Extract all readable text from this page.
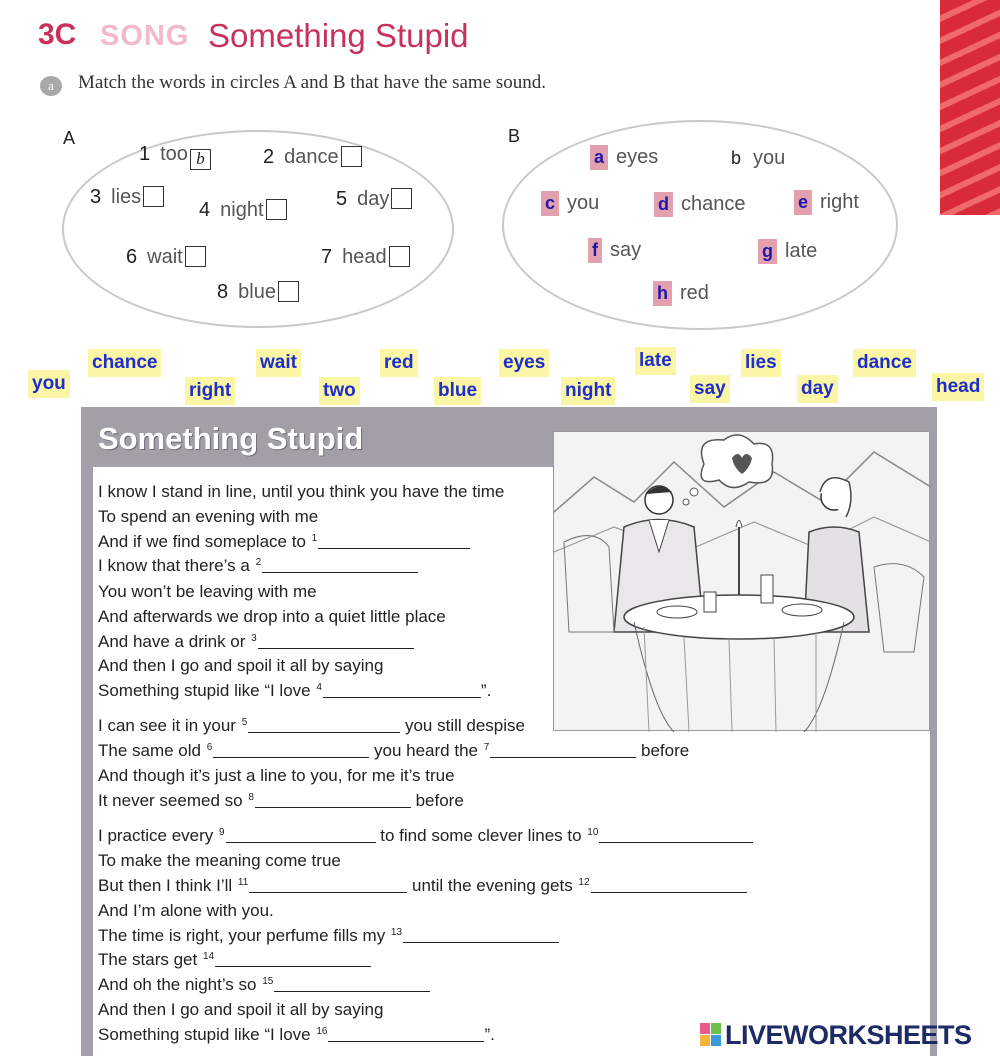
3C SONG Something Stupid
a	Match the words in circles A and B that have the same sound.
A
1 too b	2 dance
3 lies
4 night	5 day
6 wait	7 head
8 blue
B
a eyes	b you
c you	d chance	e right
f say	g late
h red
you
chance
right
wait
two
red
blue
eyes
night
late
say
lies
day
dance
head
Something Stupid
I know I stand in line, until you think you have the time
To spend an evening with me
And if we find someplace to $^1$
I know that there’s a $^2$
You won’t be leaving with me
And afterwards we drop into a quiet little place
And have a drink or $^3$
And then I go and spoil it all by saying
Something stupid like “I love $^4$	”.
I can see it in your $^5$	you still despise
The same old $^6$	you heard the $^7$	before
And though it’s just a line to you, for me it’s true
It never seemed so $^8$	before
I practice every $^9$	to find some clever lines to $^{10}$
To make the meaning come true
But then I think I’ll $^{11}$	until the evening gets $^{12}$
And I’m alone with you.
The time is right, your perfume fills my $^{13}$
The stars get $^{14}$
And oh the night’s so $^{15}$
And then I go and spoil it all by saying
Something stupid like “I love $^{16}$	”.	LIVEWORKSHEETS
